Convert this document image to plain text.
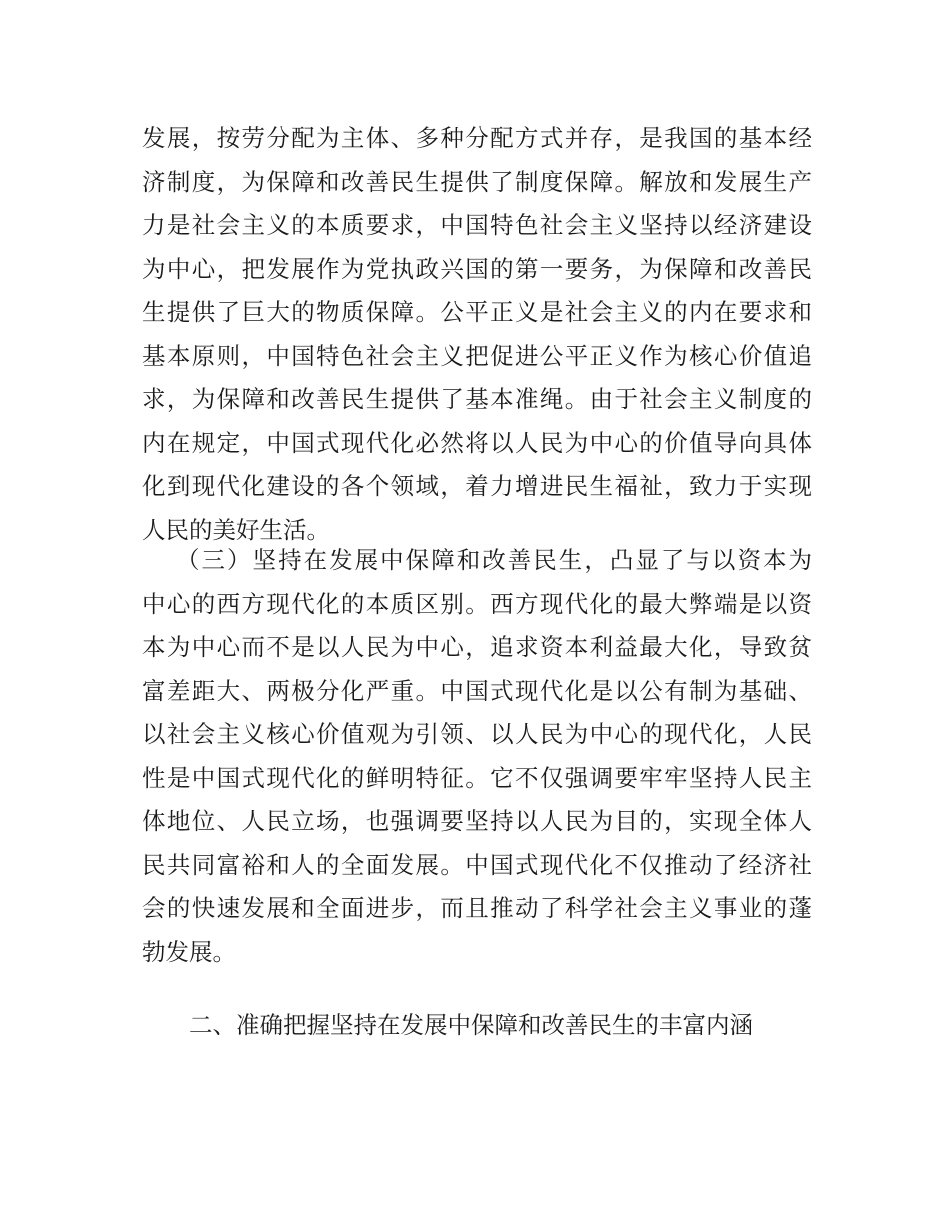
发展，按劳分配为主体、多种分配方式并存，是我国的基本经
济制度，为保障和改善民生提供了制度保障。解放和发展生产
力是社会主义的本质要求，中国特色社会主义坚持以经济建设
为中心，把发展作为党执政兴国的第一要务，为保障和改善民
生提供了巨大的物质保障。公平正义是社会主义的内在要求和
基本原则，中国特色社会主义把促进公平正义作为核心价值追
求，为保障和改善民生提供了基本准绳。由于社会主义制度的
内在规定，中国式现代化必然将以人民为中心的价值导向具体
化到现代化建设的各个领域，着力增进民生福祉，致力于实现
人民的美好生活。
（三）坚持在发展中保障和改善民生，凸显了与以资本为
中心的西方现代化的本质区别。西方现代化的最大弊端是以资
本为中心而不是以人民为中心，追求资本利益最大化，导致贫
富差距大、两极分化严重。中国式现代化是以公有制为基础、
以社会主义核心价值观为引领、以人民为中心的现代化，人民
性是中国式现代化的鲜明特征。它不仅强调要牢牢坚持人民主
体地位、人民立场，也强调要坚持以人民为目的，实现全体人
民共同富裕和人的全面发展。中国式现代化不仅推动了经济社
会的快速发展和全面进步，而且推动了科学社会主义事业的蓬
勃发展。
二、准确把握坚持在发展中保障和改善民生的丰富内涵
